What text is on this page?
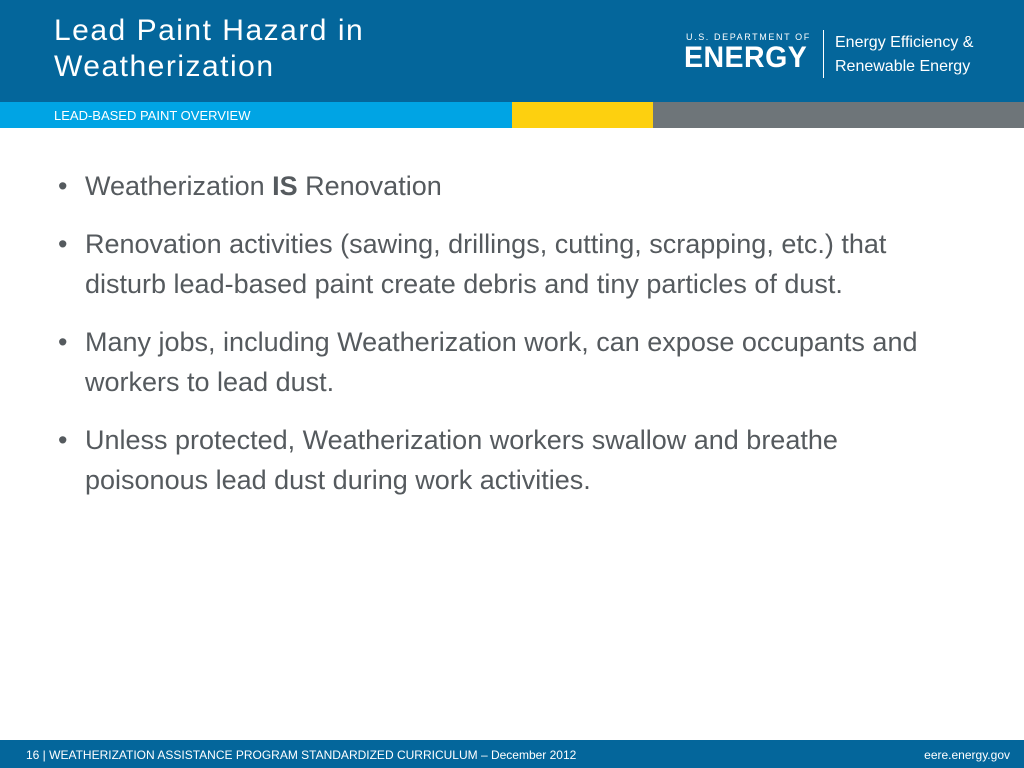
Lead Paint Hazard in
Weatherization
U.S. DEPARTMENT OF
ENERGY Energy Efficiency &
Renewable Energy
LEAD-BASED PAINT OVERVIEW
• Weatherization IS Renovation
• Renovation activities (sawing, drillings, cutting, scrapping, etc.) that disturb lead-based paint create debris and tiny particles of dust.
• Many jobs, including Weatherization work, can expose occupants and workers to lead dust.
• Unless protected, Weatherization workers swallow and breathe poisonous lead dust during work activities.
16 | WEATHERIZATION ASSISTANCE PROGRAM STANDARDIZED CURRICULUM – December 2012	eere.energy.gov
